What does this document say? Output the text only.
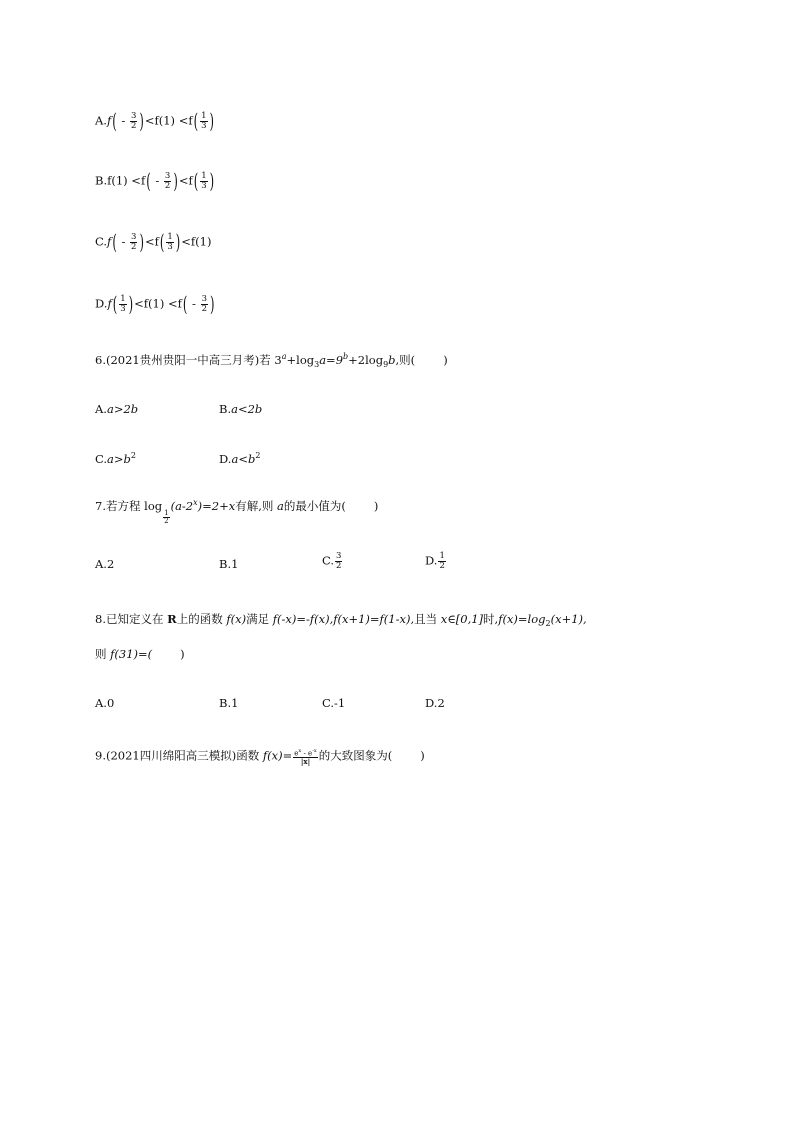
$A.f( - \frac{3}{2} )<f(1) <f( \frac{1}{3}$ )
$B.f(1) <f( - \frac{3}{2} )<f( \frac{1}{3}$ )
$C.f( - \frac{3}{2} )<f( \frac{1}{3} )<f(1)$
$D.f( \frac{1}{3} )<f(1) <f( - \frac{3}{2}$ )
6.(2021贵州贵阳一中高三月考)若 $3^a+\log_3a=9^b+2\log_9b$,则( )
A.a>2b	B.a<2b
$C.a>b^2$	$D.a<b^2$
7.若方程 log
$\frac{1}{2}$
$(a-2^x)=2+x$有解,则 a的最小值为( )
A.2	B.1	C. $\frac{3}{2}$	D. $\frac{1}{2}$
8.已知定义在 R上的函数 f(x)满足 f(-x)=-f(x),f(x+1)=f(1-x),且当 x∈[0,1]时$,f(x)=\log_2(x+1)$,
则 f(31)=( )
A.0	B.1	C.-1	D.2
9.(2021四川绵阳高三模拟)函数 $f(x)= \frac{e^x - e^{-x}}{|x|}$ 的大致图象为( )
